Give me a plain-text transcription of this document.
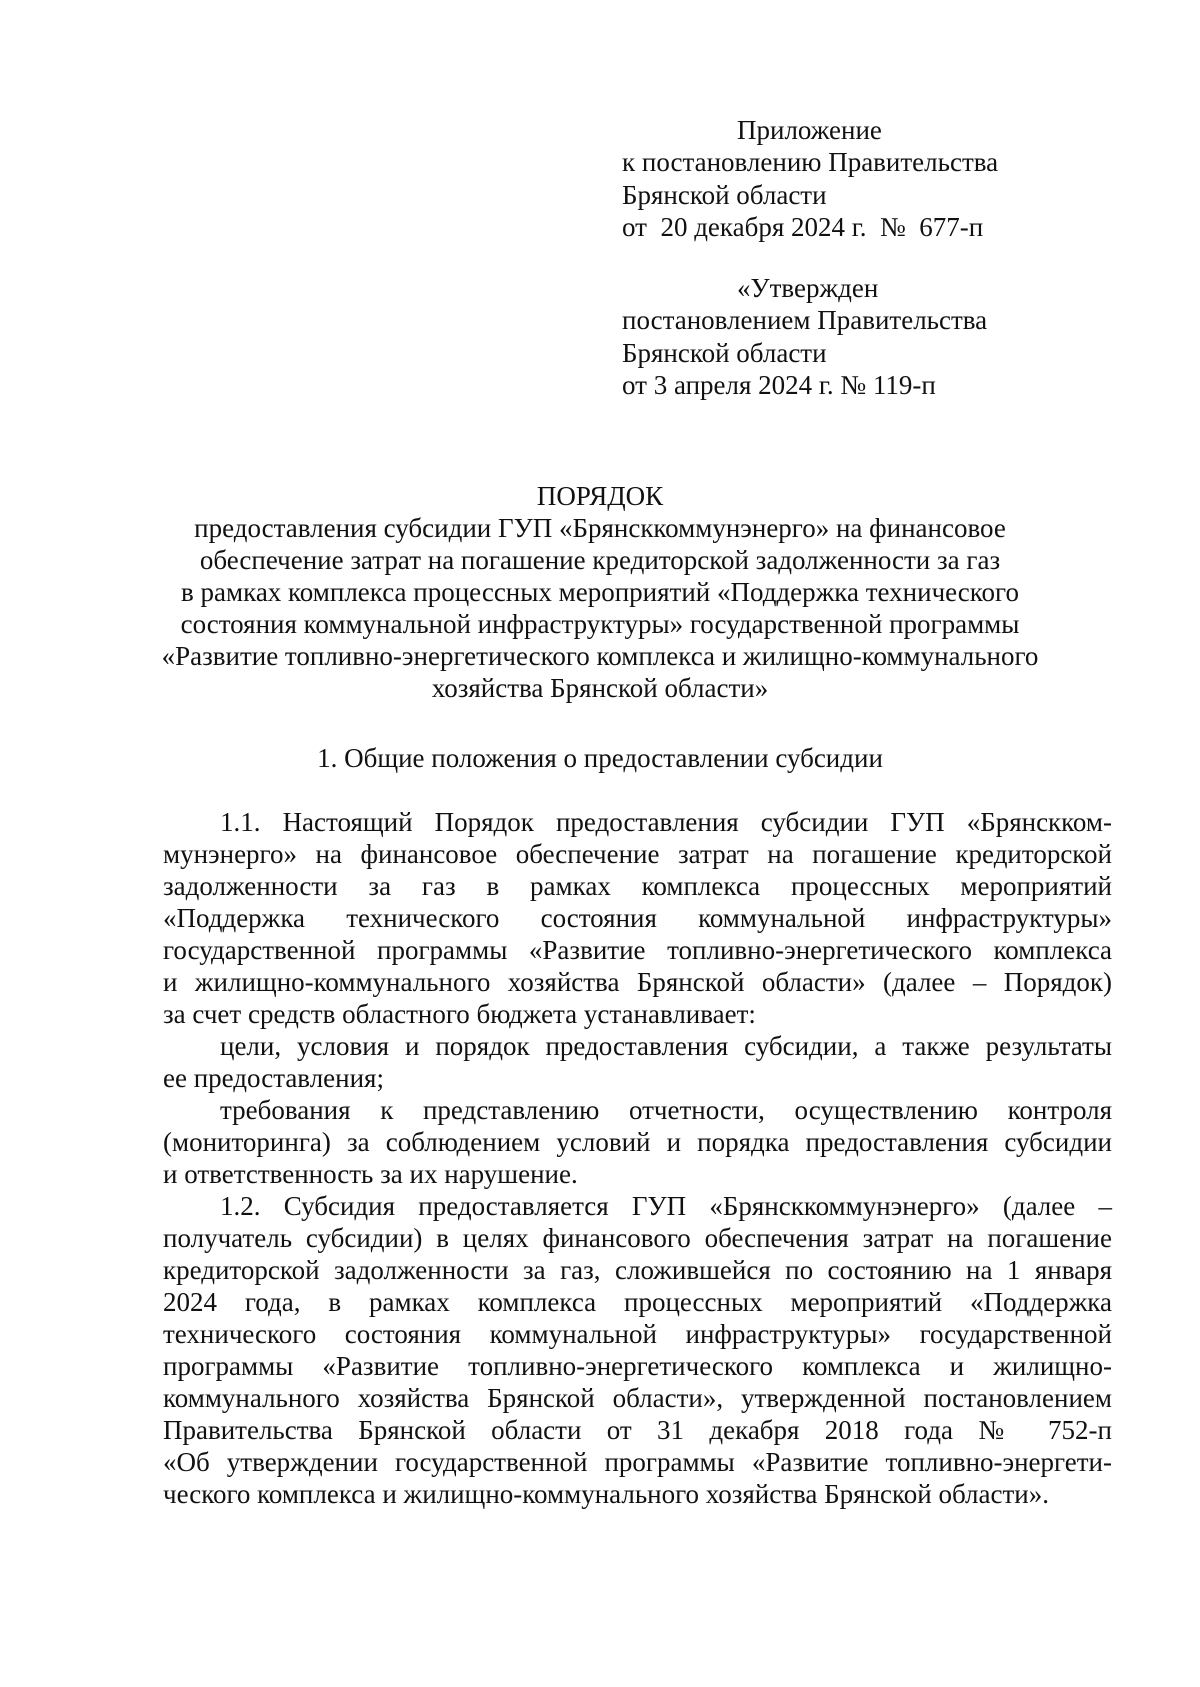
Приложение
к постановлению Правительства
Брянской области
от  20 декабря 2024 г.  №  677-п
«Утвержден
постановлением Правительства
Брянской области
от 3 апреля 2024 г. № 119-п
ПОРЯДОК
предоставления субсидии ГУП «Брянсккоммунэнерго» на финансовое
обеспечение затрат на погашение кредиторской задолженности за газ
в рамках комплекса процессных мероприятий «Поддержка технического
состояния коммунальной инфраструктуры» государственной программы
«Развитие топливно-энергетического комплекса и жилищно-коммунального
хозяйства Брянской области»
1. Общие положения о предоставлении субсидии
1.1. Настоящий Порядок предоставления субсидии ГУП «Брянскком-
мунэнерго» на финансовое обеспечение затрат на погашение кредиторской
задолженности за газ в рамках комплекса процессных мероприятий
«Поддержка технического состояния коммунальной инфраструктуры»
государственной программы «Развитие топливно-энергетического комплекса
и жилищно-коммунального хозяйства Брянской области» (далее – Порядок)
за счет средств областного бюджета устанавливает:
цели, условия и порядок предоставления субсидии, а также результаты
ее предоставления;
требования к представлению отчетности, осуществлению контроля
(мониторинга) за соблюдением условий и порядка предоставления субсидии
и ответственность за их нарушение.
1.2. Субсидия предоставляется ГУП «Брянсккоммунэнерго» (далее –
получатель субсидии) в целях финансового обеспечения затрат на погашение
кредиторской задолженности за газ, сложившейся по состоянию на 1 января
2024 года, в рамках комплекса процессных мероприятий «Поддержка
технического состояния коммунальной инфраструктуры» государственной
программы «Развитие топливно-энергетического комплекса и жилищно-
коммунального хозяйства Брянской области», утвержденной постановлением
Правительства Брянской области от 31 декабря 2018 года № 752-п
«Об утверждении государственной программы «Развитие топливно-энергети-
ческого комплекса и жилищно-коммунального хозяйства Брянской области».
